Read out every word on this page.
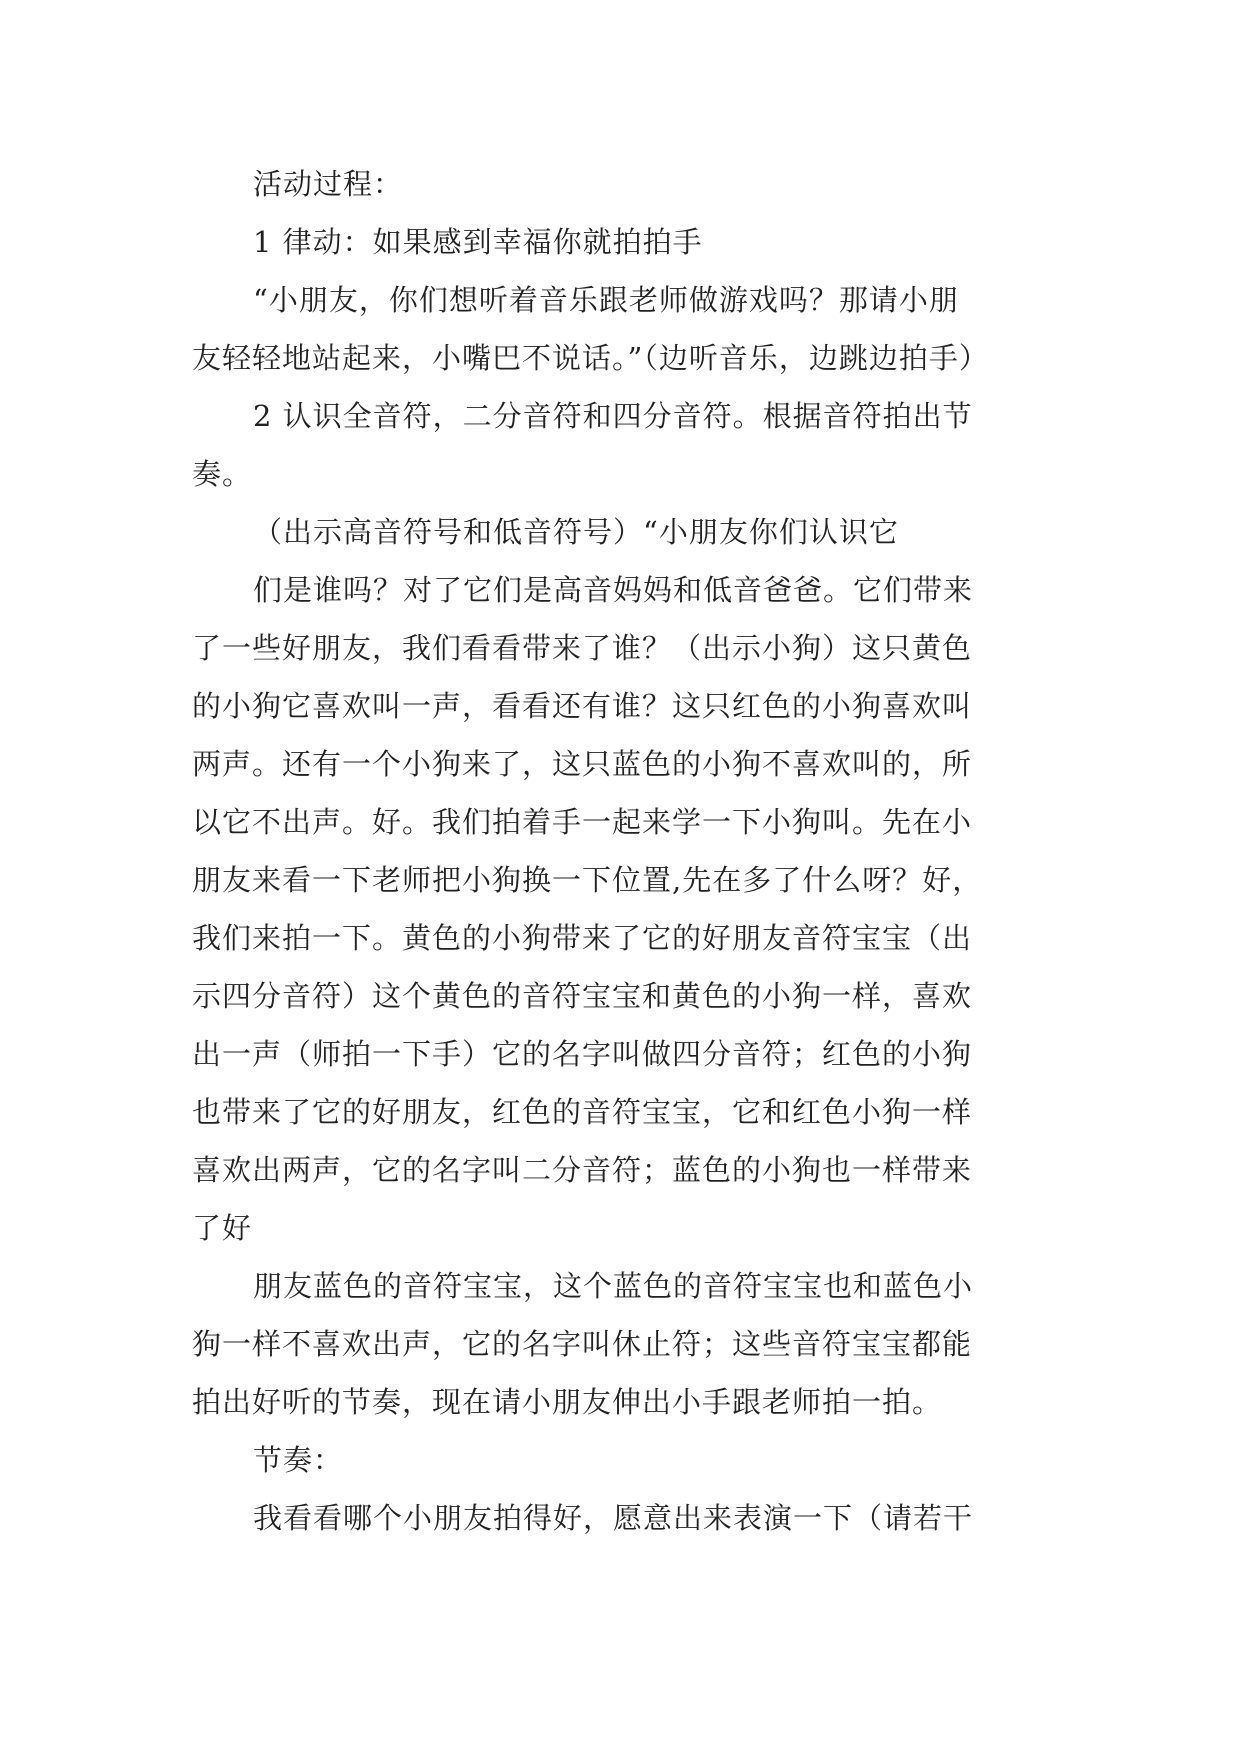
活动过程：

1 律动：如果感到幸福你就拍拍手

“小朋友，你们想听着音乐跟老师做游戏吗？那请小朋

友轻轻地站起来，小嘴巴不说话。”（边听音乐，边跳边拍手）

2 认识全音符，二分音符和四分音符。根据音符拍出节

奏。

（出示高音符号和低音符号）“小朋友你们认识它

们是谁吗？对了它们是高音妈妈和低音爸爸。它们带来

了一些好朋友，我们看看带来了谁？（出示小狗）这只黄色

的小狗它喜欢叫一声，看看还有谁？这只红色的小狗喜欢叫

两声。还有一个小狗来了，这只蓝色的小狗不喜欢叫的，所

以它不出声。好。我们拍着手一起来学一下小狗叫。先在小

朋友来看一下老师把小狗换一下位置,先在多了什么呀？好，

我们来拍一下。黄色的小狗带来了它的好朋友音符宝宝（出

示四分音符）这个黄色的音符宝宝和黄色的小狗一样，喜欢

出一声（师拍一下手）它的名字叫做四分音符；红色的小狗

也带来了它的好朋友，红色的音符宝宝，它和红色小狗一样

喜欢出两声，它的名字叫二分音符；蓝色的小狗也一样带来

了好

朋友蓝色的音符宝宝，这个蓝色的音符宝宝也和蓝色小

狗一样不喜欢出声，它的名字叫休止符；这些音符宝宝都能

拍出好听的节奏，现在请小朋友伸出小手跟老师拍一拍。

节奏：

我看看哪个小朋友拍得好，愿意出来表演一下（请若干
